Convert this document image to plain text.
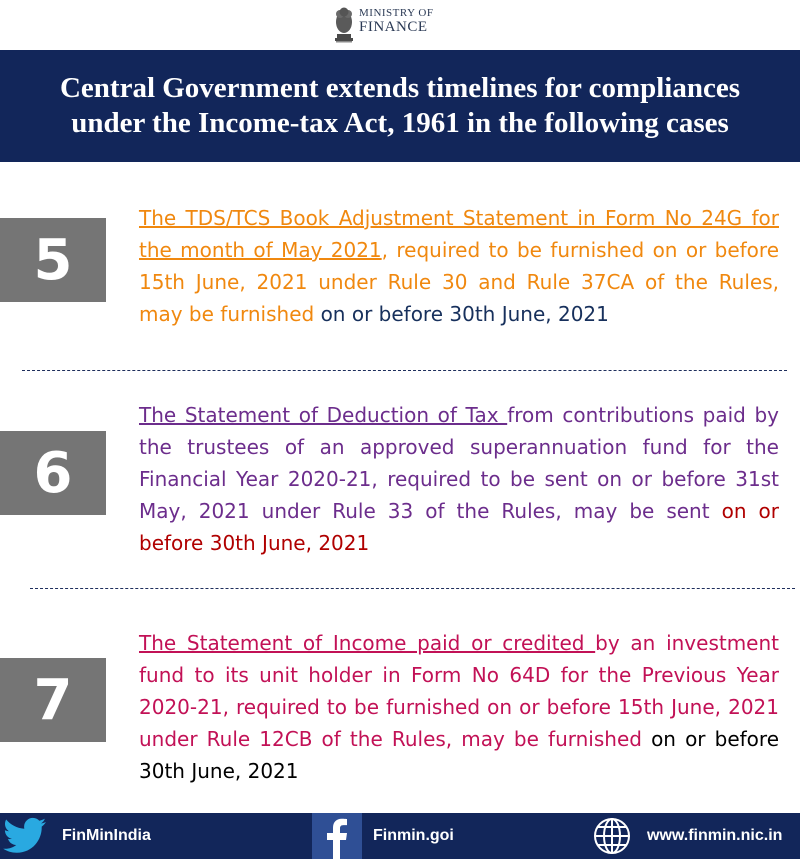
MINISTRY OF
FINANCE
Central Government extends timelines for compliances
under the Income-tax Act, 1961 in the following cases
5
The TDS/TCS Book Adjustment Statement in Form No 24G for the month of May 2021, required to be furnished on or before 15th June, 2021 under Rule 30 and Rule 37CA of the Rules, may be furnished on or before 30th June, 2021
6
The Statement of Deduction of Tax from contributions paid by the trustees of an approved superannuation fund for the Financial Year 2020-21, required to be sent on or before 31st May, 2021 under Rule 33 of the Rules, may be sent on or before 30th June, 2021
7
The Statement of Income paid or credited by an investment fund to its unit holder in Form No 64D for the Previous Year 2020-21, required to be furnished on or before 15th June, 2021 under Rule 12CB of the Rules, may be furnished on or before 30th June, 2021
FinMinIndia	Finmin.goi	www.finmin.nic.in
